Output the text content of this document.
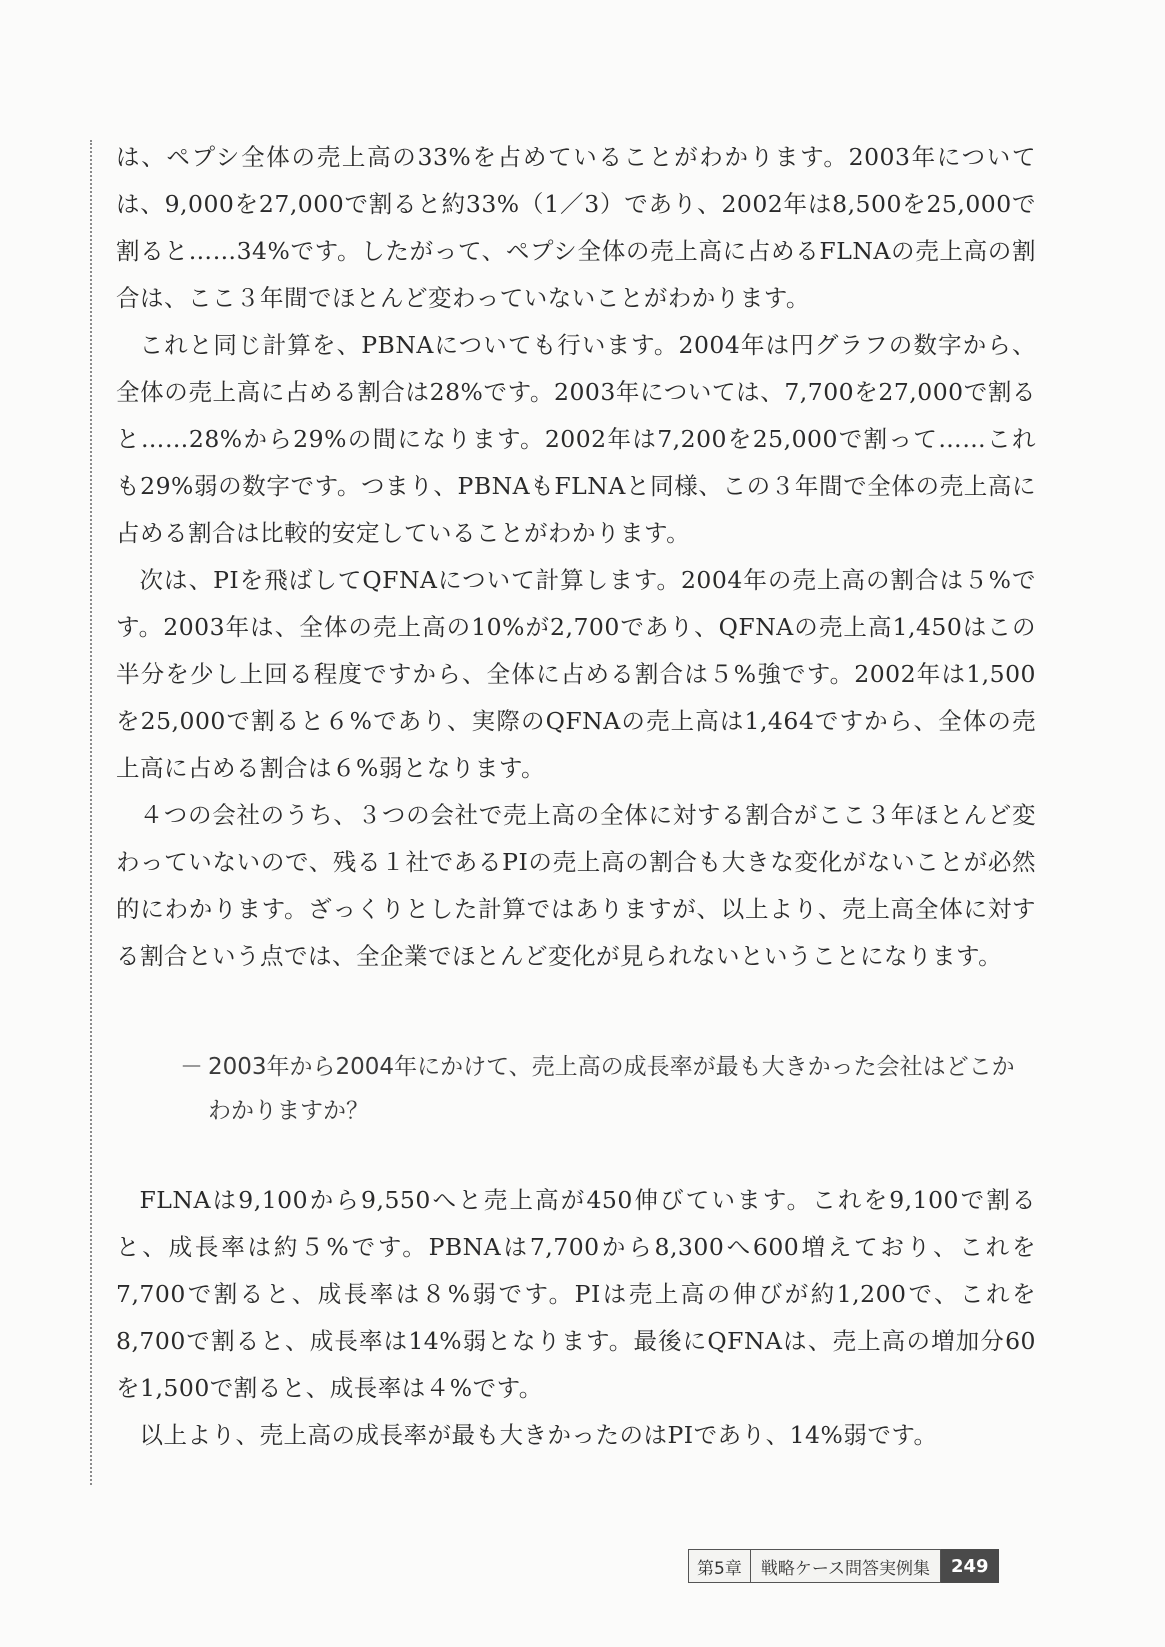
は、ペプシ全体の売上高の33%を占めていることがわかります。2003年については、9,000を27,000で割ると約33%（1／3）であり、2002年は8,500を25,000で割ると……34%です。したがって、ペプシ全体の売上高に占めるFLNAの売上高の割合は、ここ３年間でほとんど変わっていないことがわかります。

これと同じ計算を、PBNAについても行います。2004年は円グラフの数字から、全体の売上高に占める割合は28%です。2003年については、7,700を27,000で割ると……28%から29%の間になります。2002年は7,200を25,000で割って……これも29%弱の数字です。つまり、PBNAもFLNAと同様、この３年間で全体の売上高に占める割合は比較的安定していることがわかります。

次は、PIを飛ばしてQFNAについて計算します。2004年の売上高の割合は５%です。2003年は、全体の売上高の10%が2,700であり、QFNAの売上高1,450はこの半分を少し上回る程度ですから、全体に占める割合は５%強です。2002年は1,500を25,000で割ると６%であり、実際のQFNAの売上高は1,464ですから、全体の売上高に占める割合は６%弱となります。

４つの会社のうち、３つの会社で売上高の全体に対する割合がここ３年ほとんど変わっていないので、残る１社であるPIの売上高の割合も大きな変化がないことが必然的にわかります。ざっくりとした計算ではありますが、以上より、売上高全体に対する割合という点では、全企業でほとんど変化が見られないということになります。

－ 2003年から2004年にかけて、売上高の成長率が最も大きかった会社はどこかわかりますか？

FLNAは9,100から9,550へと売上高が450伸びています。これを9,100で割ると、成長率は約５%です。PBNAは7,700から8,300へ600増えており、これを7,700で割ると、成長率は８%弱です。PIは売上高の伸びが約1,200で、これを8,700で割ると、成長率は14%弱となります。最後にQFNAは、売上高の増加分60を1,500で割ると、成長率は４%です。

以上より、売上高の成長率が最も大きかったのはPIであり、14%弱です。

第5章	戦略ケース問答実例集	249
